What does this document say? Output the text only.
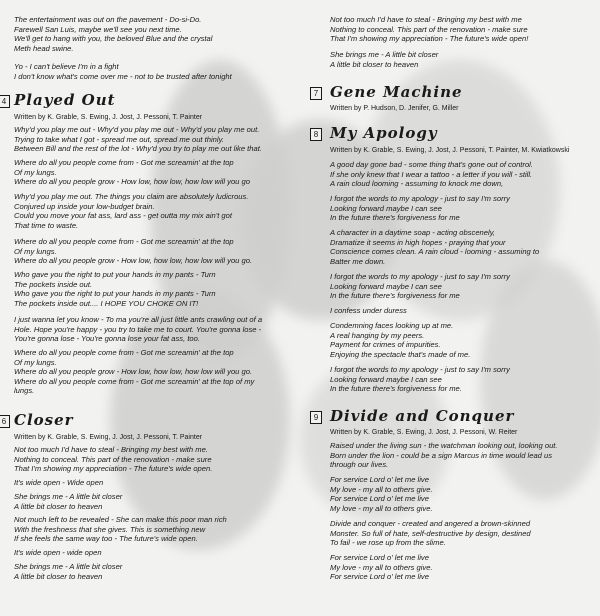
The entertainment was out on the pavement - Do-si-Do.
Farewell San Luis, maybe we'll see you next time.
We'll get to hang with you, the beloved Blue and the crystal
Meth head swine.
Yo - I can't believe I'm in a fight
I don't know what's come over me - not to be trusted after tonight
4 Played Out
Written by K. Grable, S. Ewing, J. Jost, J. Pessoni, T. Painter
Why'd you play me out - Why'd you play me out - Why'd you play me out.
Trying to take what I got - spread me out, spread me out thinly.
Between Bill and the rest of the lot - Why'd you try to play me out like that.
Where do all you people come from - Got me screamin' at the top
Of my lungs.
Where do all you people grow - How low, how low, how low will you go
Why'd you play me out. The things you claim are absolutely ludicrous.
Conjured up inside your low-budget brain.
Could you move your fat ass, lard ass - get outta my mix ain't got
That time to waste.
Where do all you people come from - Got me screamin' at the top
Of my lungs.
Where do all you people grow - How low, how low, how low will you go.
Who gave you the right to put your hands in my pants - Turn
The pockets inside out.
Who gave you the right to put your hands in my pants - Turn
The pockets inside out.... I HOPE YOU CHOKE ON IT!
I just wanna let you know - To ma you're all just little ants crawling out of a
Hole. Hope you're happy - you try to take me to court. You're gonna lose -
You're gonna lose - You're gonna lose your fat ass, too.
Where do all you people come from - Got me screamin' at the top
Of my lungs.
Where do all you people grow - How low, how low, how low will you go.
Where do all you people come from - Got me screamin' at the top of my
lungs.
6 Closer
Written by K. Grable, S. Ewing, J. Jost, J. Pessoni, T. Painter
Not too much I'd have to steal - Bringing my best with me.
Nothing to conceal. This part of the renovation - make sure
That I'm showing my appreciation - The future's wide open.
It's wide open - Wide open
She brings me - A little bit closer
A little bit closer to heaven
Not much left to be revealed - She can make this poor man rich
With the freshness that she gives. This is something new
If she feels the same way too - The future's wide open.
It's wide open - wide open
She brings me - A little bit closer
A little bit closer to heaven
Not too much I'd have to steal - Bringing my best with me
Nothing to conceal. This part of the renovation - make sure
That I'm showing my appreciation - The future's wide open!
She brings me - A little bit closer
A little bit closer to heaven
7 Gene Machine
Written by P. Hudson, D. Jenifer, G. Miller
8 My Apology
Written by K. Grable, S. Ewing, J. Jost, J. Pessoni, T. Painter, M. Kwiatkowski
A good day gone bad - some thing that's gone out of control.
If she only knew that I wear a tattoo - a letter if you will - still.
A rain cloud looming - assuming to knock me down,
I forgot the words to my apology - just to say I'm sorry
Looking forward maybe I can see
In the future there's forgiveness for me
A character in a daytime soap - acting obscenely,
Dramatize it seems in high hopes - praying that your
Conscience comes clean. A rain cloud - looming - assuming to
Batter me down.
I forgot the words to my apology - just to say I'm sorry
Looking forward maybe I can see
In the future there's forgiveness for me
I confess under duress
Condemning faces looking up at me.
A real hanging by my peers.
Payment for crimes of impurities.
Enjoying the spectacle that's made of me.
I forgot the words to my apology - just to say I'm sorry
Looking forward maybe I can see
In the future there's forgiveness for me.
9 Divide and Conquer
Written by K. Grable, S. Ewing, J. Jost, J. Pessoni, W. Reiter
Raised under the living sun - the watchman looking out, looking out.
Born under the lion - could be a sign Marcus in time would lead us
through our lives.
For service Lord o' let me live
My love - my all to others give.
For service Lord o' let me live
My love - my all to others give.
Divide and conquer - created and angered a brown-skinned
Monster. So full of hate, self-destructive by design, destined
To fail - we rose up from the slime.
For service Lord o' let me live
My love - my all to others give.
For service Lord o' let me live
